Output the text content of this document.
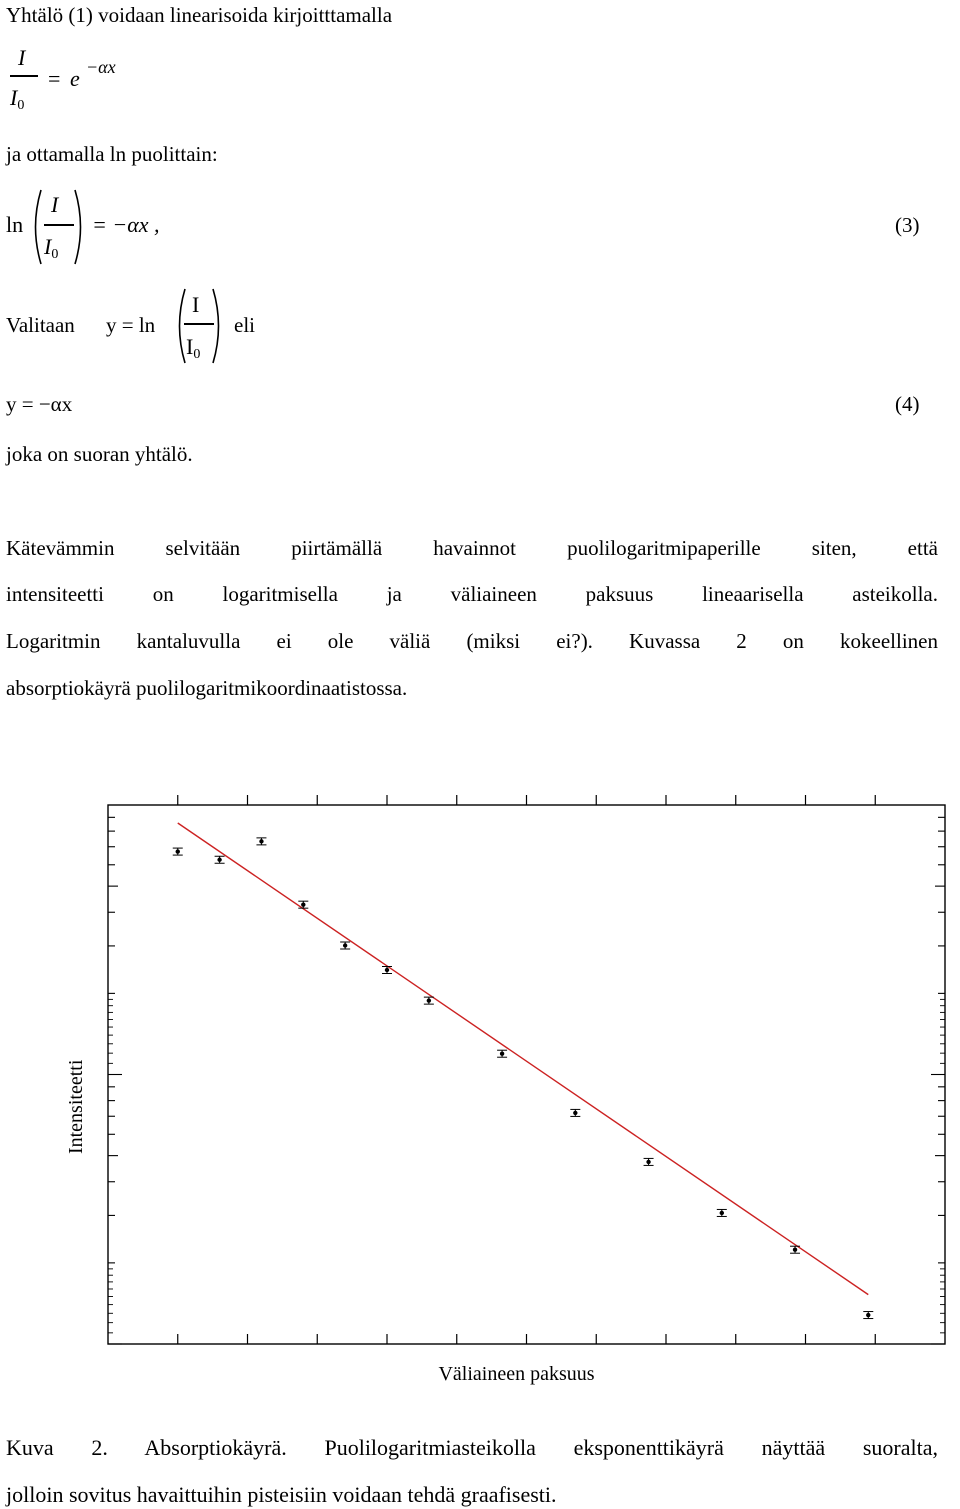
Yhtälö (1) voidaan linearisoida kirjoitttamalla
I
$I_0$
= e −αx
ja ottamalla ln puolittain:
ln
I
$I_0$
= −αx ,	(3)
Valitaan y = ln
I
$I_0$
eli
y = −αx	(4)
joka on suoran yhtälö.
Kätevämmin selvitään piirtämällä havainnot puolilogaritmipaperille siten, että
intensiteetti on logaritmisella ja väliaineen paksuus lineaarisella asteikolla.
Logaritmin kantaluvulla ei ole väliä (miksi ei?). Kuvassa 2 on kokeellinen
absorptiokäyrä puolilogaritmikoordinaatistossa.
Väliaineen paksuus
Intensiteetti
Kuva 2. Absorptiokäyrä. Puolilogaritmiasteikolla eksponenttikäyrä näyttää suoralta,
jolloin sovitus havaittuihin pisteisiin voidaan tehdä graafisesti.
